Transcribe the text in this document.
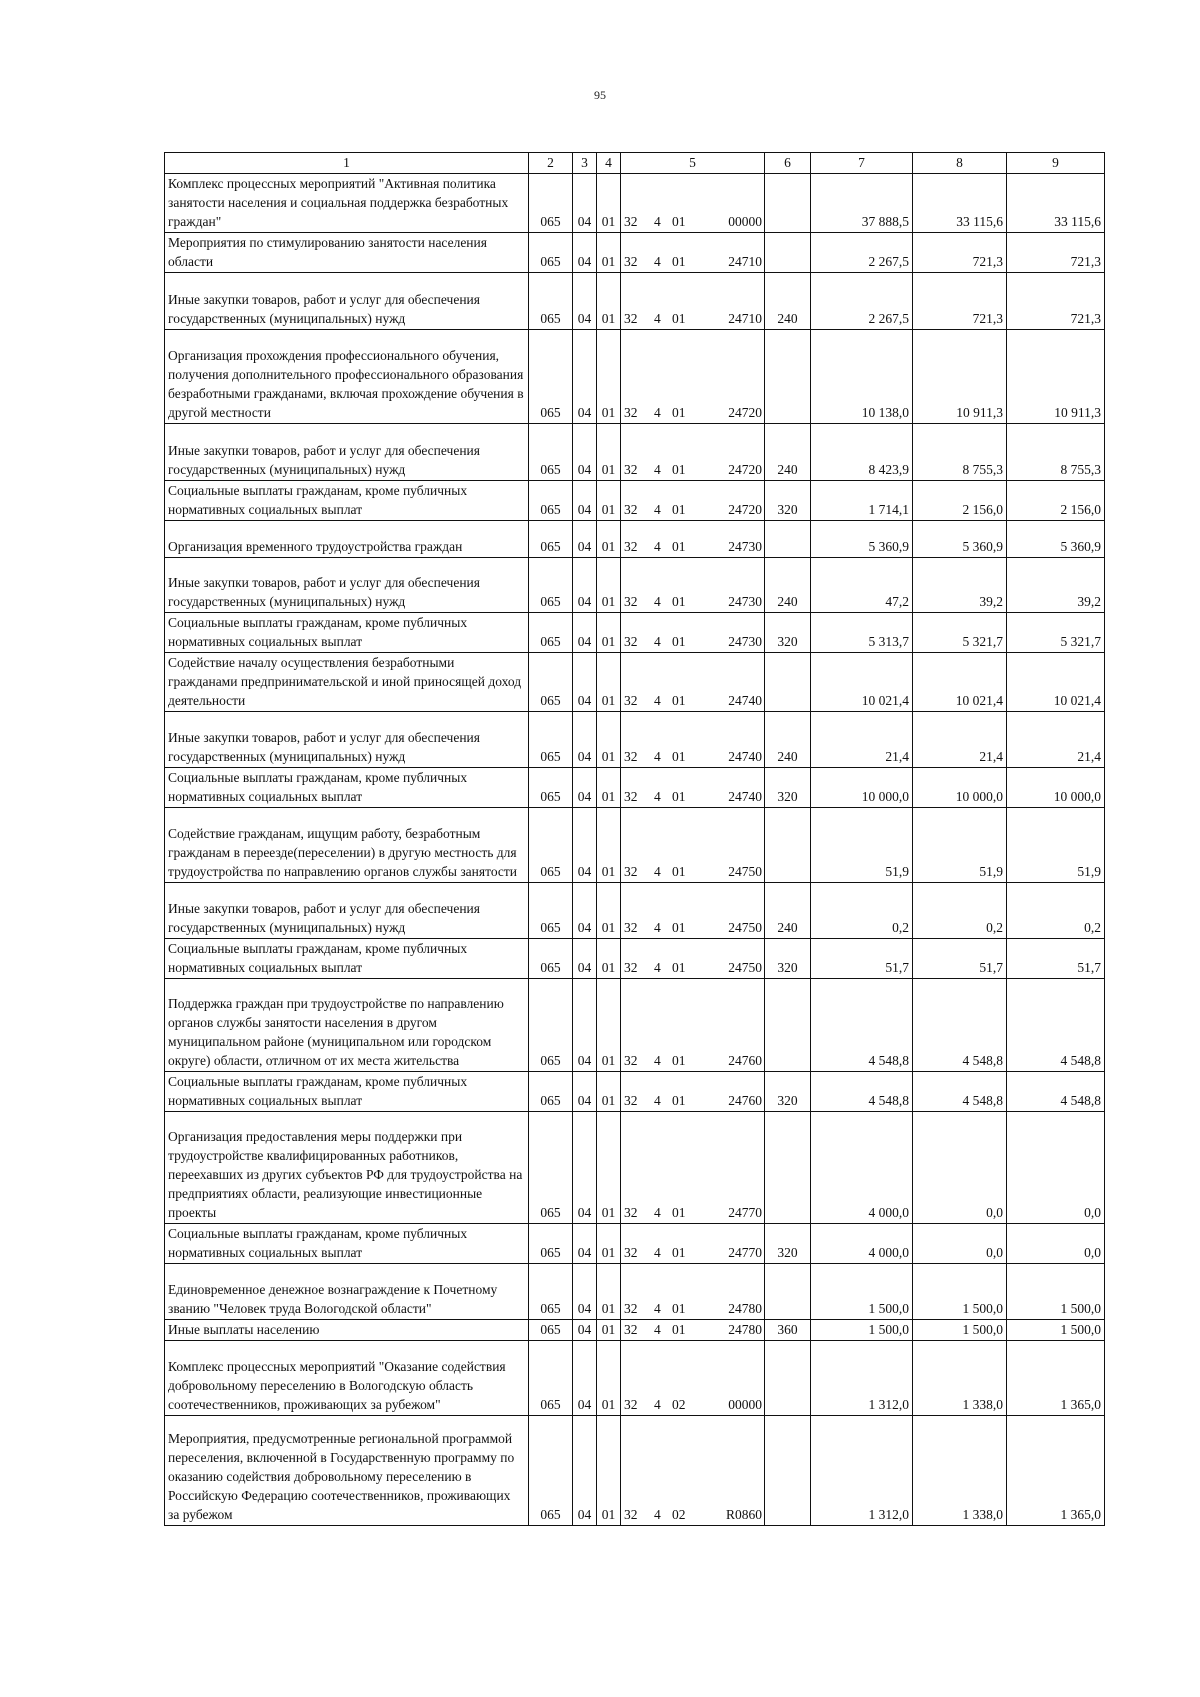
95
1	2	3	4	5	6	7	8	9
Комплекс процессных мероприятий "Активная политика занятости населения и социальная поддержка безработных граждан"	065	04	01	32 4 01 00000		37 888,5	33 115,6	33 115,6
Мероприятия по стимулированию занятости населения области	065	04	01	32 4 01 24710		2 267,5	721,3	721,3
Иные закупки товаров, работ и услуг для обеспечения государственных (муниципальных) нужд	065	04	01	32 4 01 24710	240	2 267,5	721,3	721,3
Организация прохождения профессионального обучения, получения дополнительного профессионального образования безработными гражданами, включая прохождение обучения в другой местности	065	04	01	32 4 01 24720		10 138,0	10 911,3	10 911,3
Иные закупки товаров, работ и услуг для обеспечения государственных (муниципальных) нужд	065	04	01	32 4 01 24720	240	8 423,9	8 755,3	8 755,3
Социальные выплаты гражданам, кроме публичных нормативных социальных выплат	065	04	01	32 4 01 24720	320	1 714,1	2 156,0	2 156,0
Организация временного трудоустройства граждан	065	04	01	32 4 01 24730		5 360,9	5 360,9	5 360,9
Иные закупки товаров, работ и услуг для обеспечения государственных (муниципальных) нужд	065	04	01	32 4 01 24730	240	47,2	39,2	39,2
Социальные выплаты гражданам, кроме публичных нормативных социальных выплат	065	04	01	32 4 01 24730	320	5 313,7	5 321,7	5 321,7
Содействие началу осуществления безработными гражданами предпринимательской и иной приносящей доход деятельности	065	04	01	32 4 01 24740		10 021,4	10 021,4	10 021,4
Иные закупки товаров, работ и услуг для обеспечения государственных (муниципальных) нужд	065	04	01	32 4 01 24740	240	21,4	21,4	21,4
Социальные выплаты гражданам, кроме публичных нормативных социальных выплат	065	04	01	32 4 01 24740	320	10 000,0	10 000,0	10 000,0
Содействие гражданам, ищущим работу, безработным гражданам в переезде(переселении) в другую местность для трудоустройства по направлению органов службы занятости	065	04	01	32 4 01 24750		51,9	51,9	51,9
Иные закупки товаров, работ и услуг для обеспечения государственных (муниципальных) нужд	065	04	01	32 4 01 24750	240	0,2	0,2	0,2
Социальные выплаты гражданам, кроме публичных нормативных социальных выплат	065	04	01	32 4 01 24750	320	51,7	51,7	51,7
Поддержка граждан при трудоустройстве по направлению органов службы занятости населения в другом муниципальном районе (муниципальном или городском округе) области, отличном от их места жительства	065	04	01	32 4 01 24760		4 548,8	4 548,8	4 548,8
Социальные выплаты гражданам, кроме публичных нормативных социальных выплат	065	04	01	32 4 01 24760	320	4 548,8	4 548,8	4 548,8
Организация предоставления меры поддержки при трудоустройстве квалифицированных работников, переехавших из других субъектов РФ для трудоустройства на предприятиях области, реализующие инвестиционные проекты	065	04	01	32 4 01 24770		4 000,0	0,0	0,0
Социальные выплаты гражданам, кроме публичных нормативных социальных выплат	065	04	01	32 4 01 24770	320	4 000,0	0,0	0,0
Единовременное денежное вознаграждение к Почетному званию "Человек труда Вологодской области"	065	04	01	32 4 01 24780		1 500,0	1 500,0	1 500,0
Иные выплаты населению	065	04	01	32 4 01 24780	360	1 500,0	1 500,0	1 500,0
Комплекс процессных мероприятий "Оказание содействия добровольному переселению в Вологодскую область соотечественников, проживающих за рубежом"	065	04	01	32 4 02 00000		1 312,0	1 338,0	1 365,0
Мероприятия, предусмотренные региональной программой переселения, включенной в Государственную программу по оказанию содействия добровольному переселению в Российскую Федерацию соотечественников, проживающих за рубежом	065	04	01	32 4 02 R0860		1 312,0	1 338,0	1 365,0
